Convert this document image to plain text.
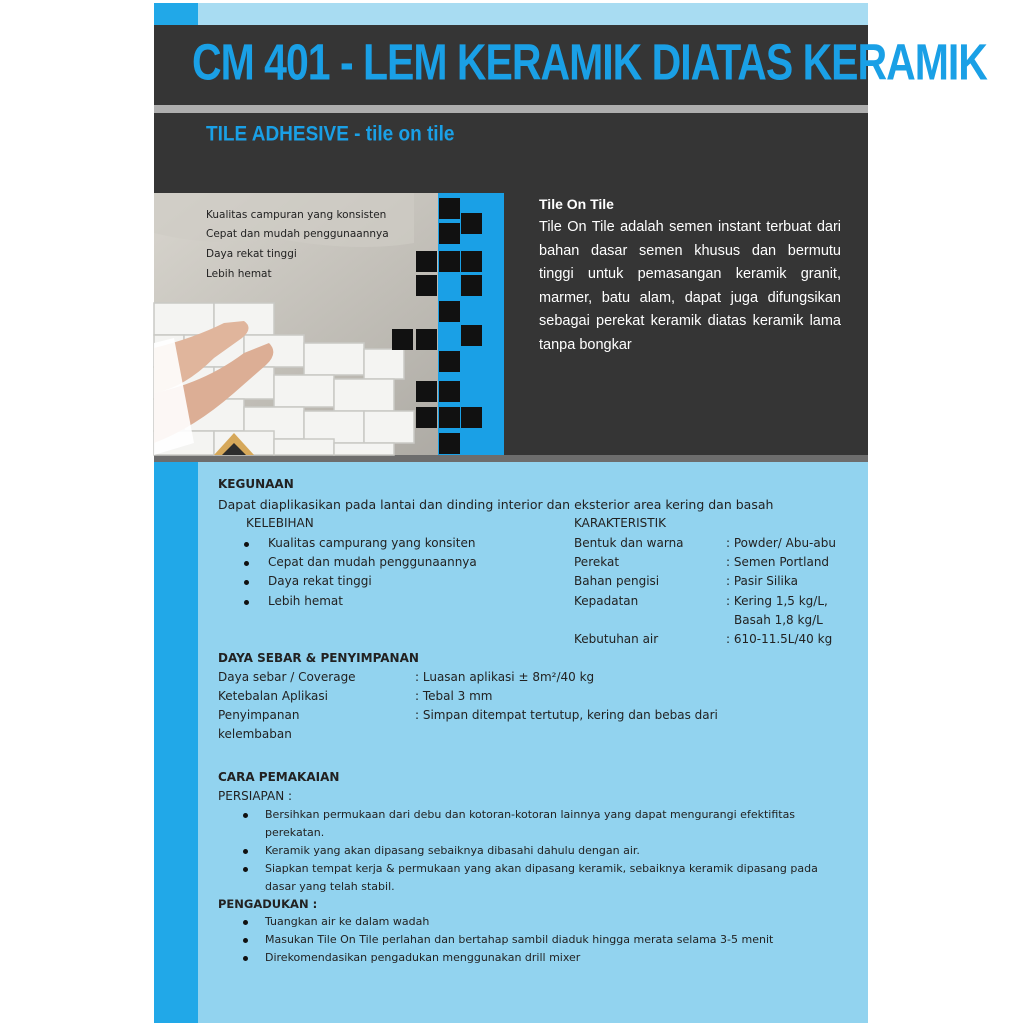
CM 401 - LEM KERAMIK DIATAS KERAMIK
TILE ADHESIVE - tile on tile
Kualitas campuran yang konsisten
Cepat dan mudah penggunaannya
Daya rekat tinggi
Lebih hemat

Tile On Tile

Tile On Tile adalah semen instant terbuat dari bahan dasar semen khusus dan bermutu tinggi untuk pemasangan keramik granit, marmer, batu alam, dapat juga difungsikan sebagai perekat keramik diatas keramik lama tanpa bongkar

KEGUNAAN
Dapat diaplikasikan pada lantai dan dinding interior dan eksterior area kering dan basah
KELEBIHAN
Kualitas campurang yang konsiten
Cepat dan mudah penggunaannya
Daya rekat tinggi
Lebih hemat
KARAKTERISTIK
Bentuk dan warna	: Powder/ Abu-abu
Perekat	: Semen Portland
Bahan pengisi	: Pasir Silika
Kepadatan	: Kering 1,5 kg/L,
Basah 1,8 kg/L
Kebutuhan air	: 610-11.5L/40 kg
DAYA SEBAR & PENYIMPANAN
Daya sebar / Coverage	: Luasan aplikasi ± 8m²/40 kg
Ketebalan Aplikasi	: Tebal 3 mm
Penyimpanan	: Simpan ditempat tertutup, kering dan bebas dari
kelembaban
CARA PEMAKAIAN
PERSIAPAN :
Bersihkan permukaan dari debu dan kotoran-kotoran lainnya yang dapat mengurangi efektifitas
perekatan.
Keramik yang akan dipasang sebaiknya dibasahi dahulu dengan air.
Siapkan tempat kerja & permukaan yang akan dipasang keramik, sebaiknya keramik dipasang pada
dasar yang telah stabil.
PENGADUKAN :
Tuangkan air ke dalam wadah
Masukan Tile On Tile perlahan dan bertahap sambil diaduk hingga merata selama 3-5 menit
Direkomendasikan pengadukan menggunakan drill mixer
